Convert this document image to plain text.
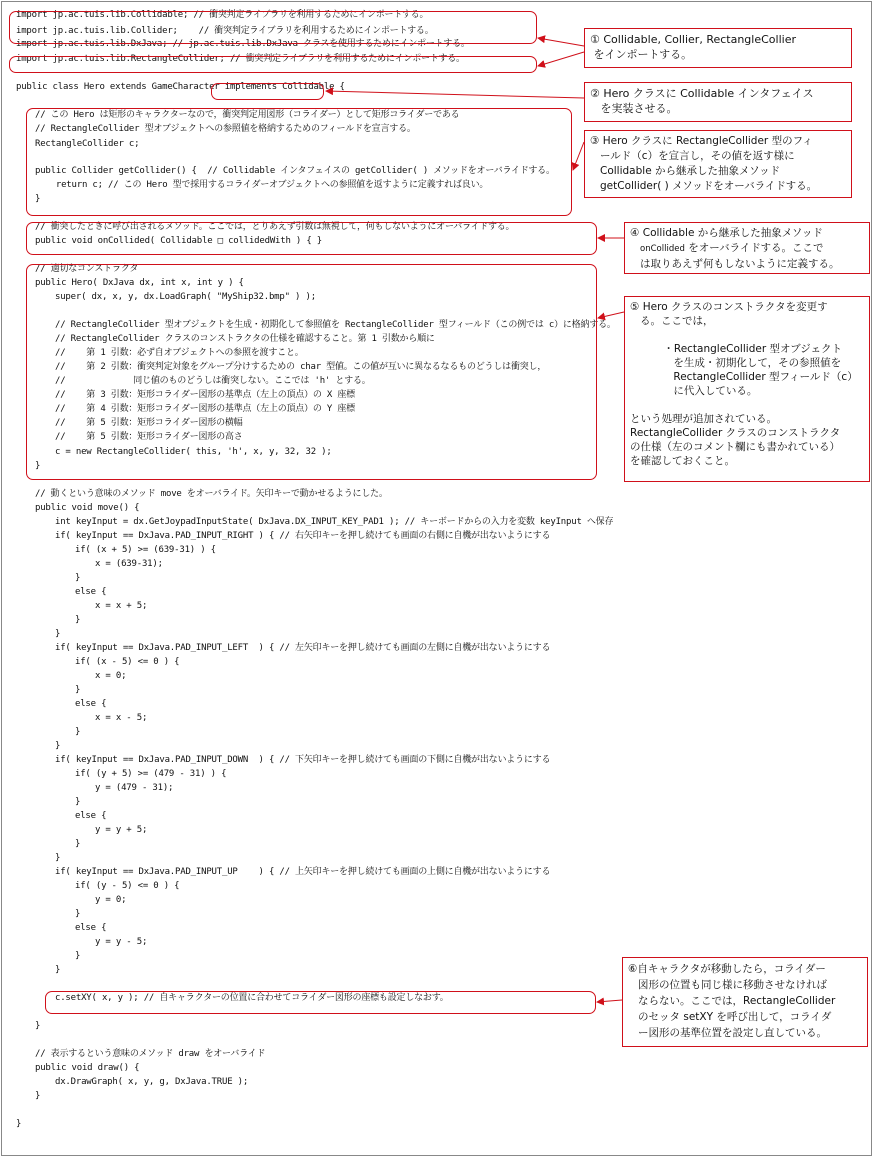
import jp.ac.tuis.lib.Collidable; // 衝突判定ライブラリを利用するためにインポートする。
import jp.ac.tuis.lib.Collider;    // 衝突判定ライブラリを利用するためにインポートする。
import jp.ac.tuis.lib.DxJava; // jp.ac.tuis.lib.DxJava クラスを使用するためにインポートする。
import jp.ac.tuis.lib.RectangleCollider; // 衝突判定ライブラリを利用するためにインポートする。
public class Hero extends GameCharacter implements Collidable {
// この Hero は矩形のキャラクターなので，衝突判定用図形（コライダー）として矩形コライダーである
// RectangleCollider 型オブジェクトへの参照値を格納するためのフィールドを宣言する。
RectangleCollider c;
public Collider getCollider() {  // Collidable インタフェイスの getCollider( ) メソッドをオーバライドする。
return c; // この Hero 型で採用するコライダーオブジェクトへの参照値を返すように定義すれば良い。
}
// 衝突したときに呼び出されるメソッド。ここでは，とりあえず引数は無視して，何もしないようにオーバライドする。
public void onCollided( Collidable □ collidedWith ) { }
// 適切なコンストラクタ
public Hero( DxJava dx, int x, int y ) {
super( dx, x, y, dx.LoadGraph( "MyShip32.bmp" ) );
// RectangleCollider 型オブジェクトを生成・初期化して参照値を RectangleCollider 型フィールド（この例では c）に格納する。
// RectangleCollider クラスのコンストラクタの仕様を確認すること。第 1 引数から順に
//    第 1 引数：必ず自オブジェクトへの参照を渡すこと。
//    第 2 引数：衝突判定対象をグループ分けするための char 型値。この値が互いに異なるなるものどうしは衝突し，
//             同じ値のものどうしは衝突しない。ここでは 'h' とする。
//    第 3 引数：矩形コライダー図形の基準点（左上の頂点）の X 座標
//    第 4 引数：矩形コライダー図形の基準点（左上の頂点）の Y 座標
//    第 5 引数：矩形コライダー図形の横幅
//    第 5 引数：矩形コライダー図形の高さ
c = new RectangleCollider( this, 'h', x, y, 32, 32 );
}
// 動くという意味のメソッド move をオーバライド。矢印キーで動かせるようにした。
public void move() {
int keyInput = dx.GetJoypadInputState( DxJava.DX_INPUT_KEY_PAD1 ); // キーボードからの入力を変数 keyInput へ保存
if( keyInput == DxJava.PAD_INPUT_RIGHT ) { // 右矢印キーを押し続けても画面の右側に自機が出ないようにする
if( (x + 5) >= (639-31) ) {
x = (639-31);
}
else {
x = x + 5;
}
}
if( keyInput == DxJava.PAD_INPUT_LEFT  ) { // 左矢印キーを押し続けても画面の左側に自機が出ないようにする
if( (x - 5) <= 0 ) {
x = 0;
}
else {
x = x - 5;
}
}
if( keyInput == DxJava.PAD_INPUT_DOWN  ) { // 下矢印キーを押し続けても画面の下側に自機が出ないようにする
if( (y + 5) >= (479 - 31) ) {
y = (479 - 31);
}
else {
y = y + 5;
}
}
if( keyInput == DxJava.PAD_INPUT_UP    ) { // 上矢印キーを押し続けても画面の上側に自機が出ないようにする
if( (y - 5) <= 0 ) {
y = 0;
}
else {
y = y - 5;
}
}
c.setXY( x, y ); // 自キャラクターの位置に合わせてコライダー図形の座標も設定しなおす。
}
// 表示するという意味のメソッド draw をオーバライド
public void draw() {
dx.DrawGraph( x, y, g, DxJava.TRUE );
}
}
① Collidable, Collier, RectangleCollier
をインポートする。
② Hero クラスに Collidable インタフェイス
を実装させる。
③ Hero クラスに RectangleCollider 型のフィ
ールド（c）を宣言し，その値を返す様に
Collidable から継承した抽象メソッド
getCollider( ) メソッドをオーバライドする。
④ Collidable から継承した抽象メソッド
onCollided をオーバライドする。ここで
は取りあえず何もしないように定義する。
⑤ Hero クラスのコンストラクタを変更す
る。ここでは，

・RectangleCollider 型オブジェクト
を生成・初期化して，その参照値を
RectangleCollider 型フィールド（c）
に代入している。

という処理が追加されている。
RectangleCollider クラスのコンストラクタ
の仕様（左のコメント欄にも書かれている）
を確認しておくこと。
⑥自キャラクタが移動したら，コライダー
図形の位置も同じ様に移動させなければ
ならない。ここでは，RectangleCollider
のセッタ setXY を呼び出して，コライダ
ー図形の基準位置を設定し直している。
